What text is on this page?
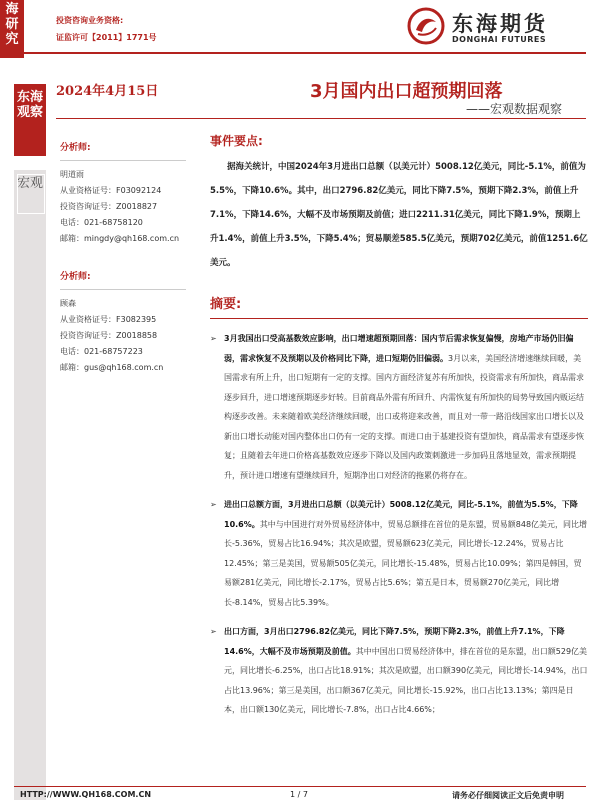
海研究
投资咨询业务资格:
证监许可【2011】1771号
东海期货
DONGHAI FUTURES
东海观察
宏观
2024年4月15日	3月国内出口超预期回落
——宏观数据观察
分析师:
明道雨
从业资格证号：F03092124
投资咨询证号：Z0018827
电话：021-68758120
邮箱：mingdy@qh168.com.cn
分析师:
顾森
从业资格证号：F3082395
投资咨询证号：Z0018858
电话：021-68757223
邮箱：gus@qh168.com.cn
事件要点:
据海关统计，中国2024年3月进出口总额（以美元计）5008.12亿美元，同比-5.1%，前值为5.5%，下降10.6%。其中，出口2796.82亿美元，同比下降7.5%，预期下降2.3%，前值上升7.1%，下降14.6%，大幅不及市场预期及前值；进口2211.31亿美元，同比下降1.9%，预期上升1.4%，前值上升3.5%，下降5.4%；贸易顺差585.5亿美元，预期702亿美元，前值1251.6亿美元。
摘要:
➢ 3月我国出口受高基数效应影响，出口增速超预期回落：国内节后需求恢复偏慢，房地产市场仍旧偏弱，需求恢复不及预期以及价格同比下降，进口短期仍旧偏弱。3月以来，美国经济增速继续回暖，美国需求有所上升，出口短期有一定的支撑。国内方面经济复苏有所加快，投资需求有所加快，商品需求逐步回升，进口增速预期逐步好转。目前商品外需有所回升、内需恢复有所加快的局势导致国内贩运结构逐步改善。未来随着欧美经济继续回暖，出口或将迎来改善，而且对一带一路沿线国家出口增长以及新出口增长动能对国内整体出口仍有一定的支撑。而进口由于基建投资有望加快，商品需求有望逐步恢复；且随着去年进口价格高基数效应逐步下降以及国内政策刺激进一步加码且落地显效，需求预期提升，预计进口增速有望继续回升，短期净出口对经济的拖累仍将存在。
➢ 进出口总额方面，3月进出口总额（以美元计）5008.12亿美元，同比-5.1%，前值为5.5%，下降10.6%。其中与中国进行对外贸易经济体中，贸易总额排在首位的是东盟，贸易额848亿美元，同比增长-5.36%，贸易占比16.94%；其次是欧盟，贸易额623亿美元，同比增长-12.24%，贸易占比12.45%；第三是美国，贸易额505亿美元，同比增长-15.48%，贸易占比10.09%；第四是韩国，贸易额281亿美元，同比增长-2.17%，贸易占比5.6%；第五是日本，贸易额270亿美元，同比增长-8.14%，贸易占比5.39%。
➢ 出口方面，3月出口2796.82亿美元，同比下降7.5%，预期下降2.3%，前值上升7.1%，下降14.6%，大幅不及市场预期及前值。其中中国出口贸易经济体中，排在首位的是东盟，出口额529亿美元，同比增长-6.25%，出口占比18.91%；其次是欧盟，出口额390亿美元，同比增长-14.94%，出口占比13.96%；第三是美国，出口额367亿美元，同比增长-15.92%，出口占比13.13%；第四是日本，出口额130亿美元，同比增长-7.8%，出口占比4.66%；
HTTP://WWW.QH168.COM.CN	1 / 7	请务必仔细阅读正文后免责申明
